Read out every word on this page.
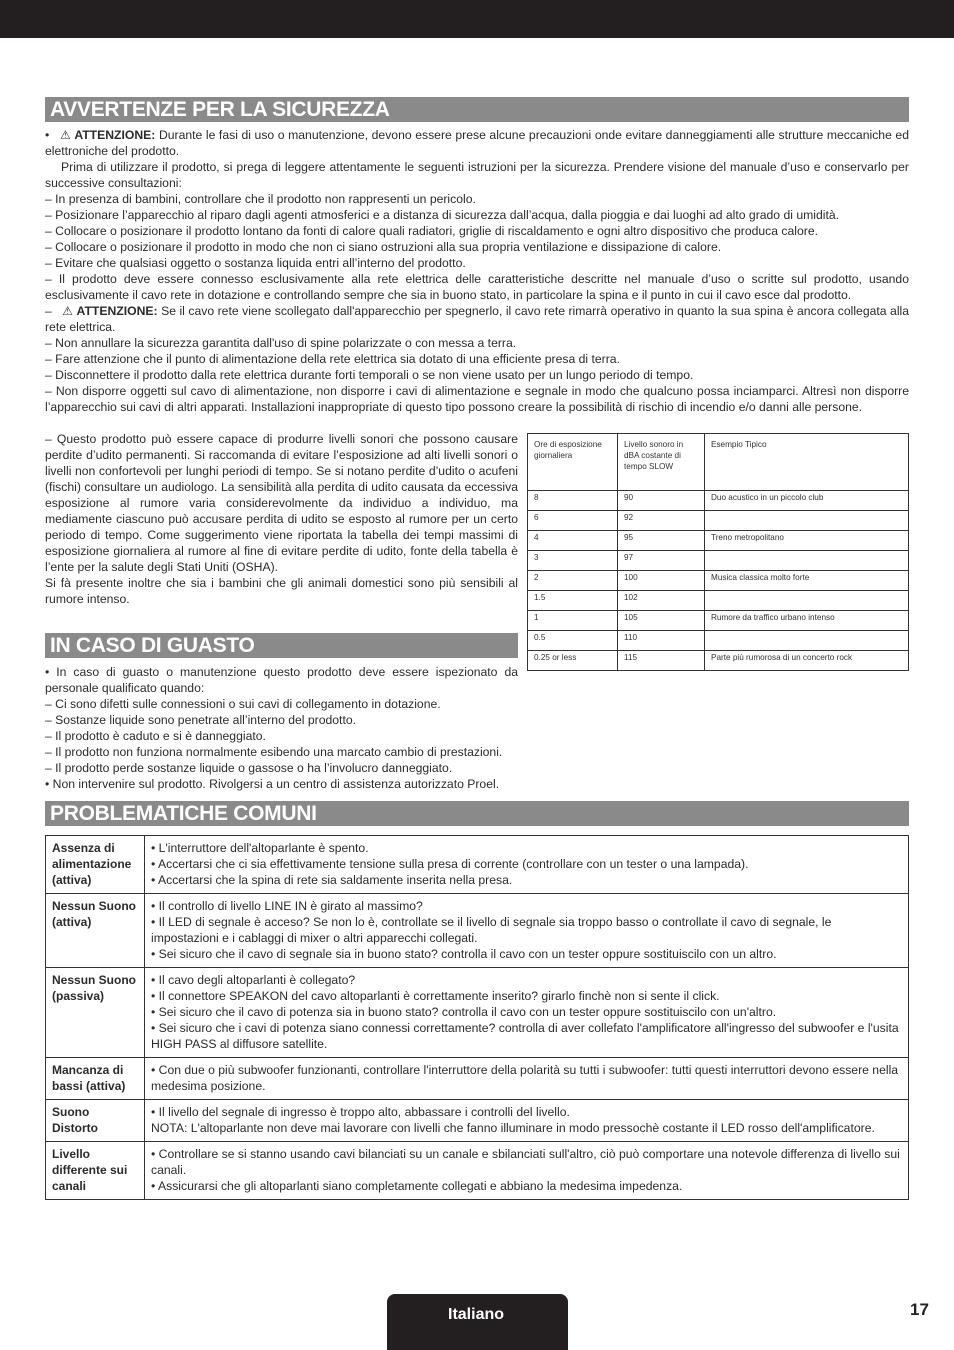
AVVERTENZE PER LA SICUREZZA

•   ⚠ ATTENZIONE: Durante le fasi di uso o manutenzione, devono essere prese alcune precauzioni onde evitare danneggiamenti alle strutture meccaniche ed elettroniche del prodotto.

Prima di utilizzare il prodotto, si prega di leggere attentamente le seguenti istruzioni per la sicurezza. Prendere visione del manuale d’uso e conservarlo per successive consultazioni:

– In presenza di bambini, controllare che il prodotto non rappresenti un pericolo.

– Posizionare l’apparecchio al riparo dagli agenti atmosferici e a distanza di sicurezza dall’acqua, dalla pioggia e dai luoghi ad alto grado di umidità.

– Collocare o posizionare il prodotto lontano da fonti di calore quali radiatori, griglie di riscaldamento e ogni altro dispositivo che produca calore.

– Collocare o posizionare il prodotto in modo che non ci siano ostruzioni alla sua propria ventilazione e dissipazione di calore.

– Evitare che qualsiasi oggetto o sostanza liquida entri all’interno del prodotto.

– Il prodotto deve essere connesso esclusivamente alla rete elettrica delle caratteristiche descritte nel manuale d’uso o scritte sul prodotto, usando esclusivamente il cavo rete in dotazione e controllando sempre che sia in buono stato, in particolare la spina e il punto in cui il cavo esce dal prodotto.

–   ⚠ ATTENZIONE: Se il cavo rete viene scollegato dall'apparecchio per spegnerlo, il cavo rete rimarrà operativo in quanto la sua spina è ancora collegata alla rete elettrica.

– Non annullare la sicurezza garantita dall'uso di spine polarizzate o con messa a terra.

– Fare attenzione che il punto di alimentazione della rete elettrica sia dotato di una efficiente presa di terra.

– Disconnettere il prodotto dalla rete elettrica durante forti temporali o se non viene usato per un lungo periodo di tempo.

– Non disporre oggetti sul cavo di alimentazione, non disporre i cavi di alimentazione e segnale in modo che qualcuno possa inciamparci. Altresì non disporre l’apparecchio sui cavi di altri apparati. Installazioni inappropriate di questo tipo possono creare la possibilità di rischio di incendio e/o danni alle persone.

– Questo prodotto può essere capace di produrre livelli sonori che possono causare perdite d’udito permanenti. Si raccomanda di evitare l’esposizione ad alti livelli sonori o livelli non confortevoli per lunghi periodi di tempo. Se si notano perdite d’udito o acufeni (fischi) consultare un audiologo. La sensibilità alla perdita di udito causata da eccessiva esposizione al rumore varia considerevolmente da individuo a individuo, ma mediamente ciascuno può accusare perdita di udito se esposto al rumore per un certo periodo di tempo. Come suggerimento viene riportata la tabella dei tempi massimi di esposizione giornaliera al rumore al fine di evitare perdite di udito, fonte della tabella è l’ente per la salute degli Stati Uniti (OSHA).

Si fà presente inoltre che sia i bambini che gli animali domestici sono più sensibili al rumore intenso.

Ore di esposizione giornaliera	Livello sonoro in dBA costante di tempo SLOW	Esempio Tipico
8	90	Duo acustico in un piccolo club
6	92	
4	95	Treno metropolitano
3	97	
2	100	Musica classica molto forte
1.5	102	
1	105	Rumore da traffico urbano intenso
0.5	110	
0.25 or less	115	Parte più rumorosa di un concerto rock
IN CASO DI GUASTO

• In caso di guasto o manutenzione questo prodotto deve essere ispezionato da personale qualificato quando:

– Ci sono difetti sulle connessioni o sui cavi di collegamento in dotazione.

– Sostanze liquide sono penetrate all’interno del prodotto.

– Il prodotto è caduto e si è danneggiato.

– Il prodotto non funziona normalmente esibendo una marcato cambio di prestazioni.

– Il prodotto perde sostanze liquide o gassose o ha l’involucro danneggiato.

• Non intervenire sul prodotto. Rivolgersi a un centro di assistenza autorizzato Proel.

PROBLEMATICHE COMUNI
Assenza di alimentazione (attiva)	• L'interruttore dell'altoparlante è spento.
• Accertarsi che ci sia effettivamente tensione sulla presa di corrente (controllare con un tester o una lampada).
• Accertarsi che la spina di rete sia saldamente inserita nella presa.

Nessun Suono (attiva)	• Il controllo di livello LINE IN è girato al massimo?
• Il LED di segnale è acceso? Se non lo è, controllate se il livello di segnale sia troppo basso o controllate il cavo di segnale, le impostazioni e i cablaggi di mixer o altri apparecchi collegati.
• Sei sicuro che il cavo di segnale sia in buono stato? controlla il cavo con un tester oppure sostituiscilo con un altro.

Nessun Suono (passiva)	• Il cavo degli altoparlanti è collegato?
• Il connettore SPEAKON del cavo altoparlanti è correttamente inserito? girarlo finchè non si sente il click.
• Sei sicuro che il cavo di potenza sia in buono stato? controlla il cavo con un tester oppure sostituiscilo con un'altro.
• Sei sicuro che i cavi di potenza siano connessi correttamente? controlla di aver collefato l'amplificatore all'ingresso del subwoofer e l'usita HIGH PASS al diffusore satellite.

Mancanza di bassi (attiva)	• Con due o più subwoofer funzionanti, controllare l'interruttore della polarità su tutti i subwoofer: tutti questi interruttori devono essere nella medesima posizione.

Suono Distorto	• Il livello del segnale di ingresso è troppo alto, abbassare i controlli del livello.
NOTA: L'altoparlante non deve mai lavorare con livelli che fanno illuminare in modo pressochè costante il LED rosso dell'amplificatore.

Livello differente sui canali	• Controllare se si stanno usando cavi bilanciati su un canale e sbilanciati sull'altro, ciò può comportare una notevole differenza di livello sui canali.
• Assicurarsi che gli altoparlanti siano completamente collegati e abbiano la medesima impedenza.
Italiano	17
